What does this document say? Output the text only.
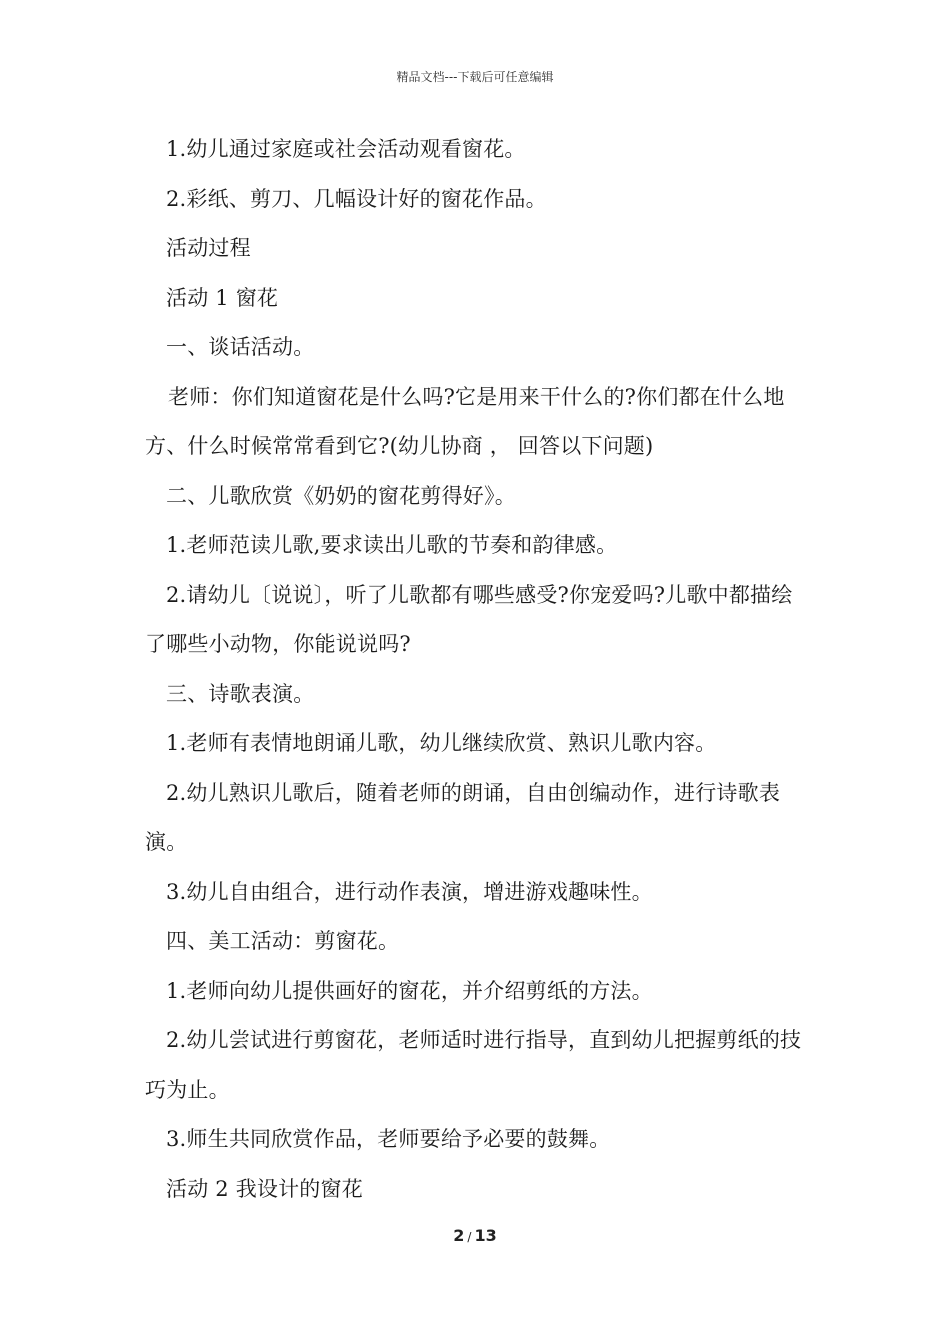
精品文档---下载后可任意编辑

1.幼儿通过家庭或社会活动观看窗花。

2.彩纸、剪刀、几幅设计好的窗花作品。

活动过程

活动 1 窗花

一、谈话活动。

老师：你们知道窗花是什么吗?它是用来干什么的?你们都在什么地方、什么时候常常看到它?(幼儿协商 ， 回答以下问题)

二、儿歌欣赏《奶奶的窗花剪得好》。

1.老师范读儿歌,要求读出儿歌的节奏和韵律感。

2.请幼儿〔说说〕，听了儿歌都有哪些感受?你宠爱吗?儿歌中都描绘了哪些小动物，你能说说吗?

三、诗歌表演。

1.老师有表情地朗诵儿歌，幼儿继续欣赏、熟识儿歌内容。

2.幼儿熟识儿歌后，随着老师的朗诵，自由创编动作，进行诗歌表演。

3.幼儿自由组合，进行动作表演，增进游戏趣味性。

四、美工活动：剪窗花。

1.老师向幼儿提供画好的窗花，并介绍剪纸的方法。

2.幼儿尝试进行剪窗花，老师适时进行指导，直到幼儿把握剪纸的技巧为止。

3.师生共同欣赏作品，老师要给予必要的鼓舞。

活动 2 我设计的窗花

2 / 13
